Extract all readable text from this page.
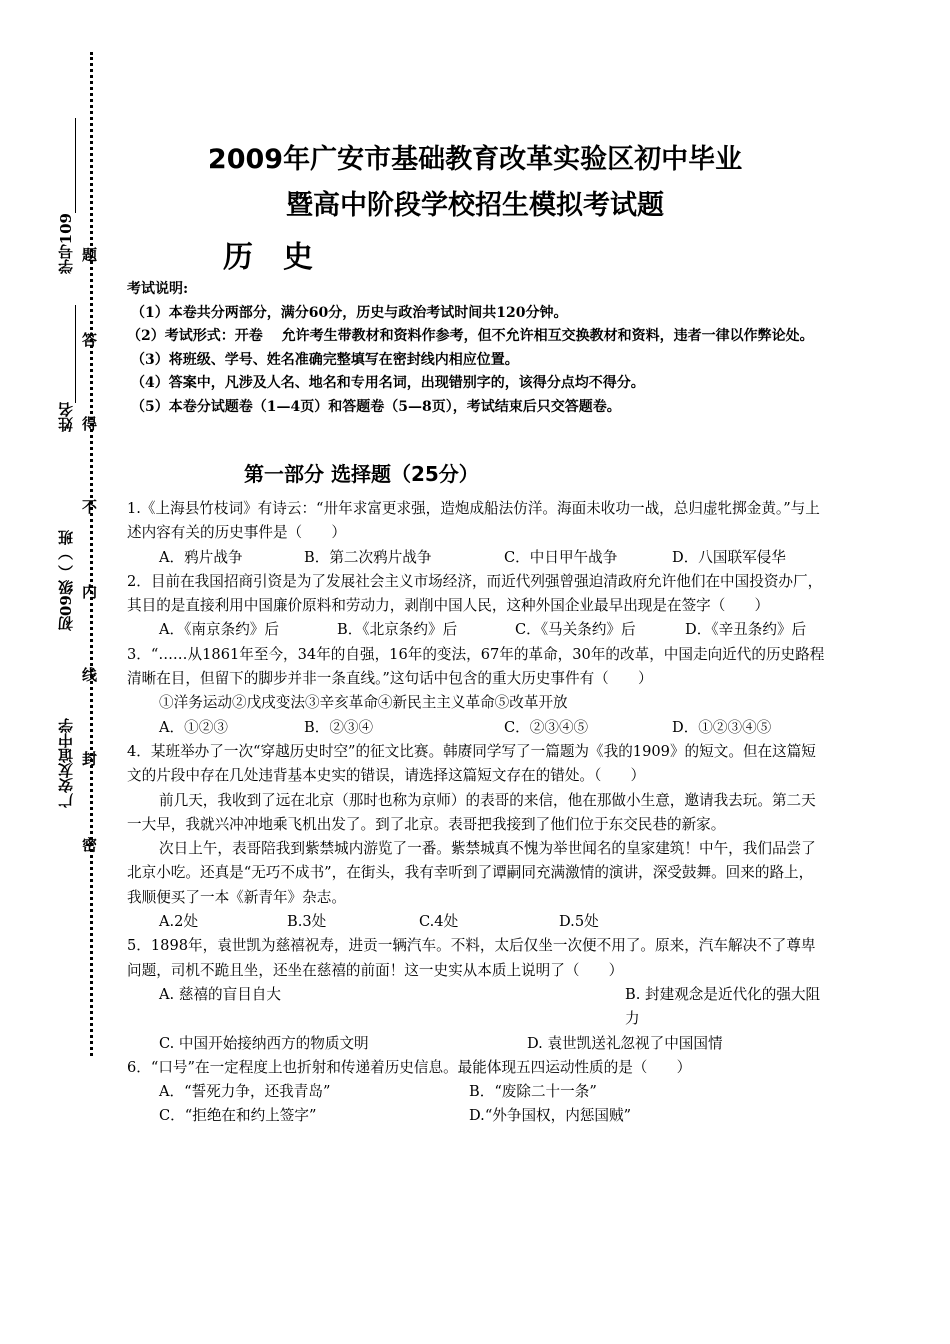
广安友谊中学
初09级（ ）班
姓名
学号109 题
答
得
不
内
线
封
密
2009年广安市基础教育改革实验区初中毕业
暨高中阶段学校招生模拟考试题
历史

考试说明:

（1）本卷共分两部分，满分60分，历史与政治考试时间共120分钟。

（2）考试形式：开卷　 允许考生带教材和资料作参考，但不允许相互交换教材和资料，违者一律以作弊论处。

（3）将班级、学号、姓名准确完整填写在密封线内相应位置。

（4）答案中，凡涉及人名、地名和专用名词，出现错别字的，该得分点均不得分。

（5）本卷分试题卷（1—4页）和答题卷（5—8页），考试结束后只交答题卷。

第一部分 选择题（25分）

1.《上海县竹枝词》有诗云：“卅年求富更求强，造炮成船法仿洋。海面未收功一战，总归虚牝掷金黄。”与上述内容有关的历史事件是（　　）

A．鸦片战争	B．第二次鸦片战争	C．中日甲午战争	D．八国联军侵华

2．目前在我国招商引资是为了发展社会主义市场经济，而近代列强曾强迫清政府允许他们在中国投资办厂，其目的是直接利用中国廉价原料和劳动力，剥削中国人民，这种外国企业最早出现是在签字（　　）

A．《南京条约》后	B．《北京条约》后	C．《马关条约》后	D．《辛丑条约》后

3．“……从1861年至今，34年的自强，16年的变法，67年的革命，30年的改革，中国走向近代的历史路程清晰在目，但留下的脚步并非一条直线。”这句话中包含的重大历史事件有（　　）

①洋务运动②戊戌变法③辛亥革命④新民主主义革命⑤改革开放

A．①②③	B．②③④	C．②③④⑤	D．①②③④⑤

4．某班举办了一次“穿越历史时空”的征文比赛。韩赓同学写了一篇题为《我的1909》的短文。但在这篇短文的片段中存在几处违背基本史实的错误，请选择这篇短文存在的错处。（　　）

前几天，我收到了远在北京（那时也称为京师）的表哥的来信，他在那做小生意，邀请我去玩。第二天一大早，我就兴冲冲地乘飞机出发了。到了北京。表哥把我接到了他们位于东交民巷的新家。

次日上午，表哥陪我到紫禁城内游览了一番。紫禁城真不愧为举世闻名的皇家建筑！中午，我们品尝了北京小吃。还真是“无巧不成书”，在街头，我有幸听到了谭嗣同充满激情的演讲，深受鼓舞。回来的路上，我顺便买了一本《新青年》杂志。

A.2处	B.3处	C.4处	D.5处

5．1898年，袁世凯为慈禧祝寿，进贡一辆汽车。不料，太后仅坐一次便不用了。原来，汽车解决不了尊卑问题，司机不跪且坐，还坐在慈禧的前面！这一史实从本质上说明了（　　）

A. 慈禧的盲目自大	B. 封建观念是近代化的强大阻力
C. 中国开始接纳西方的物质文明	D. 袁世凯送礼忽视了中国国情

6．“口号”在一定程度上也折射和传递着历史信息。最能体现五四运动性质的是（　　）

A．“誓死力争，还我青岛”	B．“废除二十一条”
C．“拒绝在和约上签字”	D.“外争国权，内惩国贼”
